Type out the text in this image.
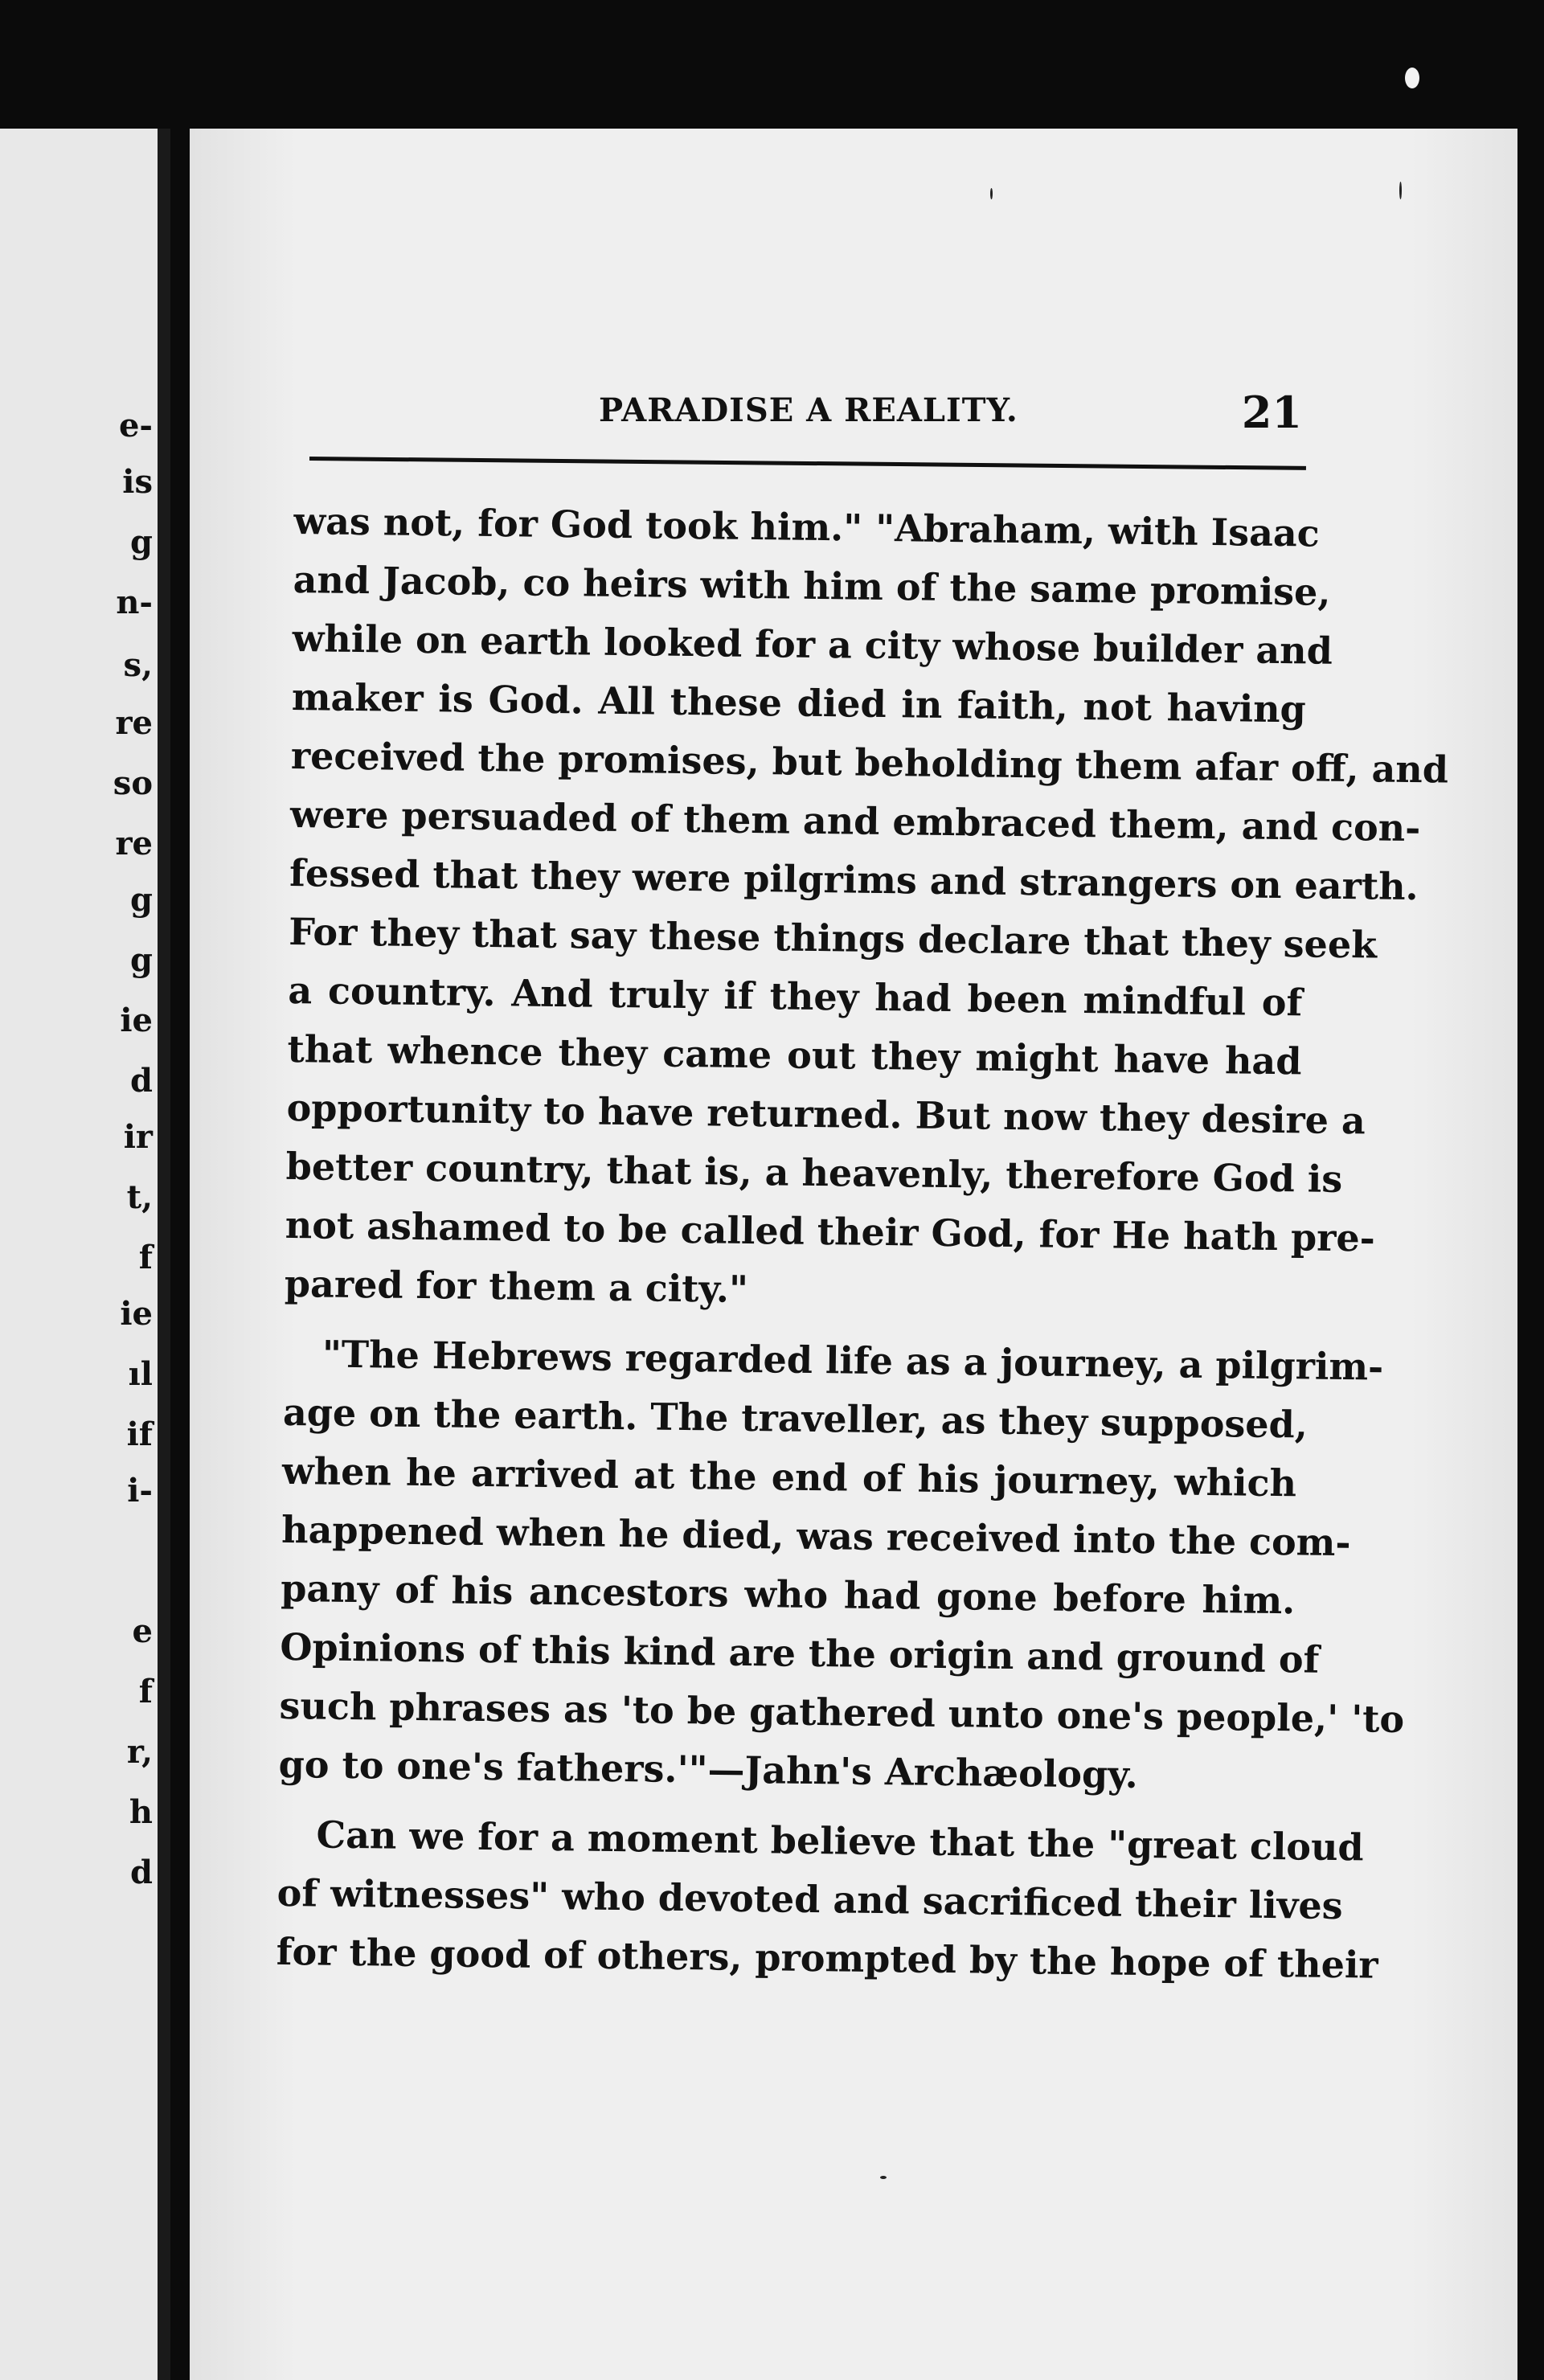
e-
is
g
n-
s,
re
so
re
g
g
ie
d
ir
t,
f
ie
ıl
if
i-
e
f
r,
h
d
PARADISE A REALITY.	21
was not, for God took him." "Abraham, with Isaac
and Jacob, co heirs with him of the same promise,
while on earth looked for a city whose builder and
maker is God. All these died in faith, not having
received the promises, but beholding them afar off, and
were persuaded of them and embraced them, and con-
fessed that they were pilgrims and strangers on earth.
For they that say these things declare that they seek
a country. And truly if they had been mindful of
that whence they came out they might have had
opportunity to have returned. But now they desire a
better country, that is, a heavenly, therefore God is
not ashamed to be called their God, for He hath pre-
pared for them a city."
"The Hebrews regarded life as a journey, a pilgrim-
age on the earth. The traveller, as they supposed,
when he arrived at the end of his journey, which
happened when he died, was received into the com-
pany of his ancestors who had gone before him.
Opinions of this kind are the origin and ground of
such phrases as 'to be gathered unto one's people,' 'to
go to one's fathers.'"—Jahn's Archæology.
Can we for a moment believe that the "great cloud
of witnesses" who devoted and sacrificed their lives
for the good of others, prompted by the hope of their
